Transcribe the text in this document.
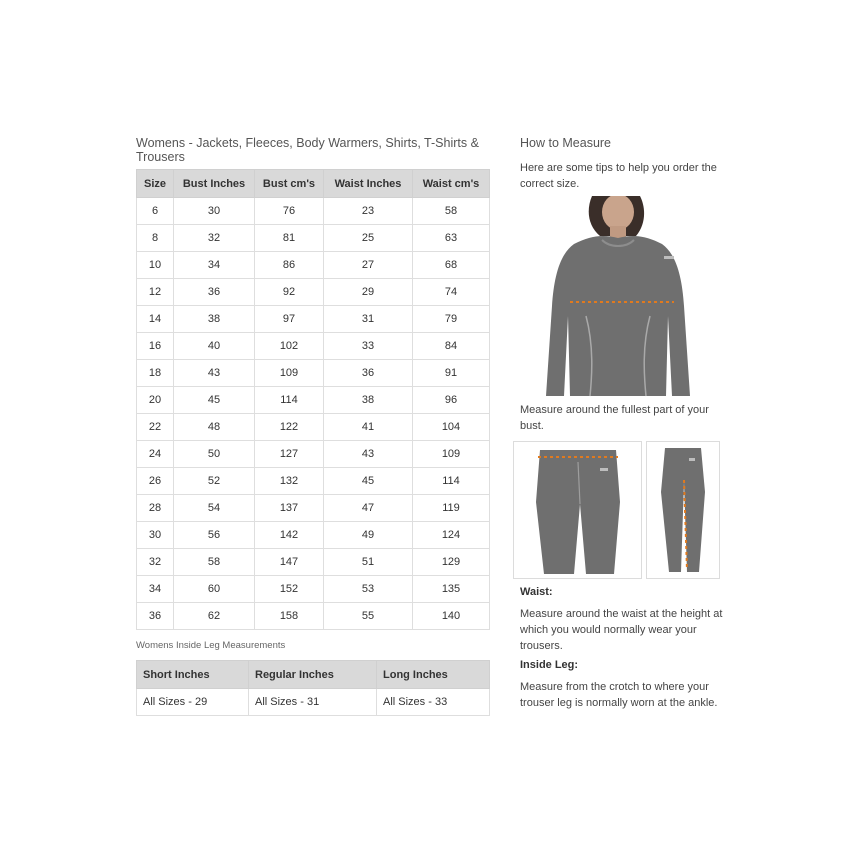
Womens - Jackets, Fleeces, Body Warmers, Shirts, T-Shirts & Trousers
Size	Bust Inches	Bust cm's	Waist Inches	Waist cm's
6	30	76	23	58
8	32	81	25	63
10	34	86	27	68
12	36	92	29	74
14	38	97	31	79
16	40	102	33	84
18	43	109	36	91
20	45	114	38	96
22	48	122	41	104
24	50	127	43	109
26	52	132	45	114
28	54	137	47	119
30	56	142	49	124
32	58	147	51	129
34	60	152	53	135
36	62	158	55	140
Womens Inside Leg Measurements
Short Inches	Regular Inches	Long Inches
All Sizes - 29	All Sizes - 31	All Sizes - 33
How to Measure

Here are some tips to help you order the correct size.

Measure around the fullest part of your bust.

Waist:

Measure around the waist at the height at which you would normally wear your trousers.

Inside Leg:

Measure from the crotch to where your trouser leg is normally worn at the ankle.
